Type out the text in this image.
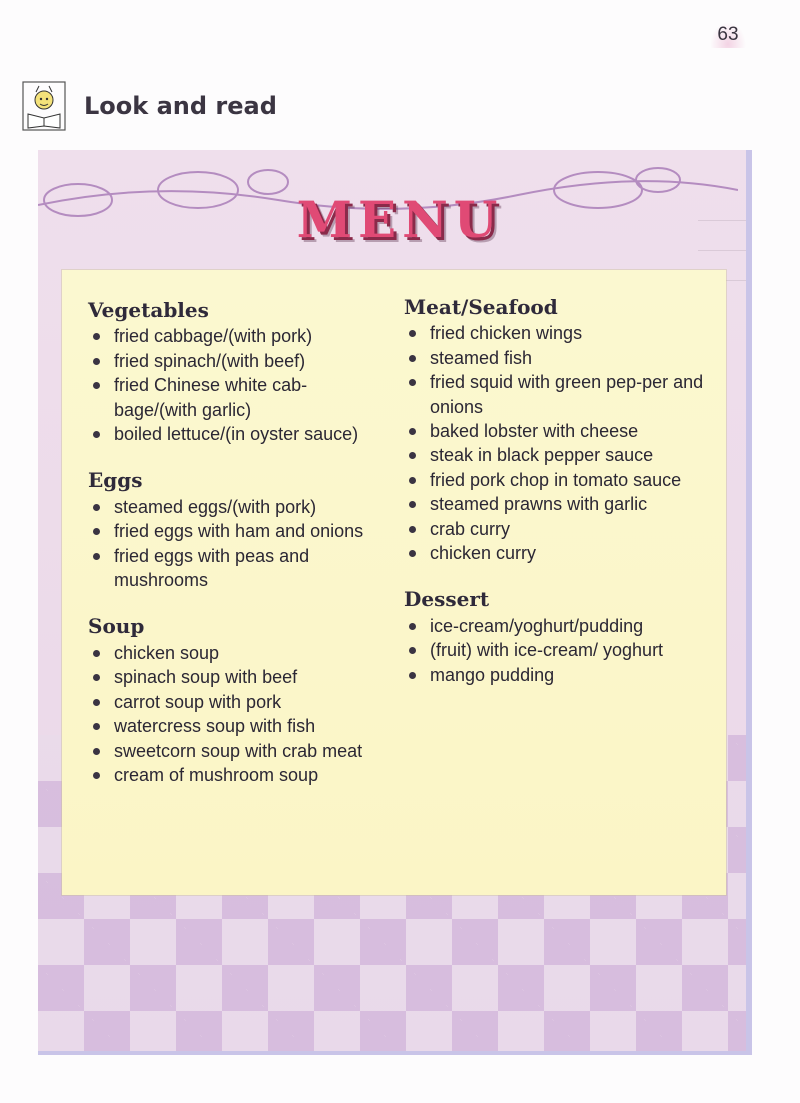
63
Look and read
MENU
Vegetables
fried cabbage/(with pork)
fried spinach/(with beef)
fried Chinese white cab-bage/(with garlic)
boiled lettuce/(in oyster sauce)
Eggs
steamed eggs/(with pork)
fried eggs with ham and onions
fried eggs with peas and mushrooms
Soup
chicken soup
spinach soup with beef
carrot soup with pork
watercress soup with fish
sweetcorn soup with crab meat
cream of mushroom soup
Meat/Seafood
fried chicken wings
steamed fish
fried squid with green pep-per and onions
baked lobster with cheese
steak in black pepper sauce
fried pork chop in tomato sauce
steamed prawns with garlic
crab curry
chicken curry
Dessert
ice-cream/yoghurt/pudding
(fruit) with ice-cream/ yoghurt
mango pudding
